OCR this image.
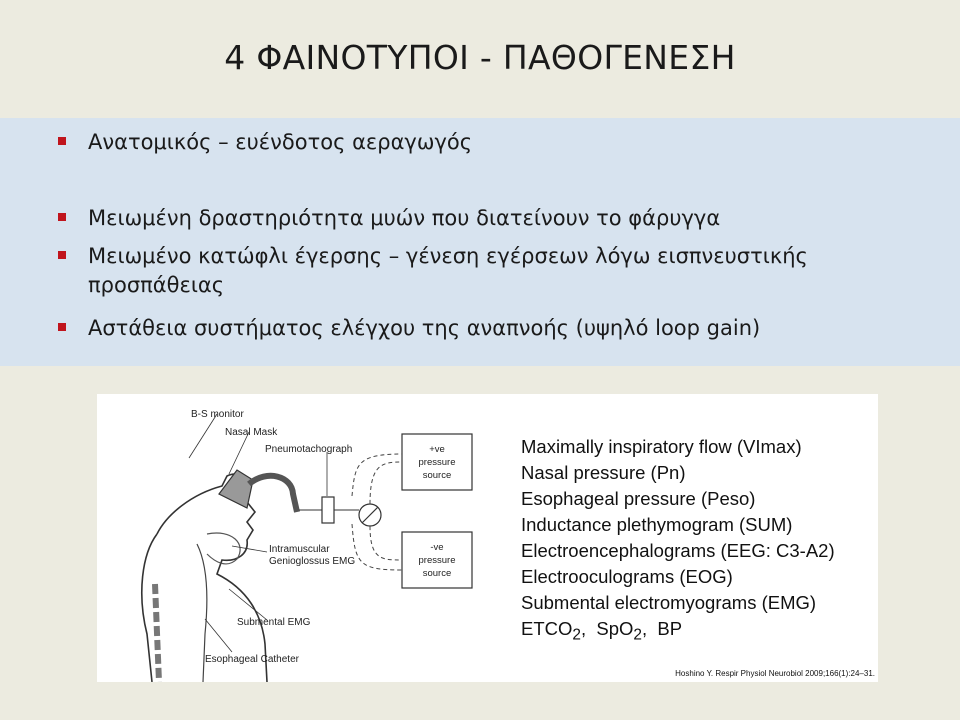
4 ΦΑΙΝΟΤΥΠΟΙ - ΠΑΘΟΓΕΝΕΣΗ
Ανατομικός – ευένδοτος αεραγωγός
Μειωμένη δραστηριότητα μυών που διατείνουν το φάρυγγα
Μειωμένο κατώφλι έγερσης – γένεση εγέρσεων λόγω εισπνευστικής προσπάθειας
Αστάθεια συστήματος ελέγχου της αναπνοής (υψηλό loop gain)
B-S monitor
Nasal Mask
Pneumotachograph	+ve
pressure
source
-ve
pressure
source
Intramuscular
Genioglossus EMG
Submental EMG
Esophageal Catheter
Maximally inspiratory flow (VImax)
Nasal pressure (Pn)
Esophageal pressure (Peso)
Inductance plethymogram (SUM)
Electroencephalograms (EEG: C3-A2)
Electrooculograms (EOG)
Submental electromyograms (EMG)
$ETCO_2$,  SpO$_2$,  BP
Hoshino Y. Respir Physiol Neurobiol 2009;166(1):24–31.
